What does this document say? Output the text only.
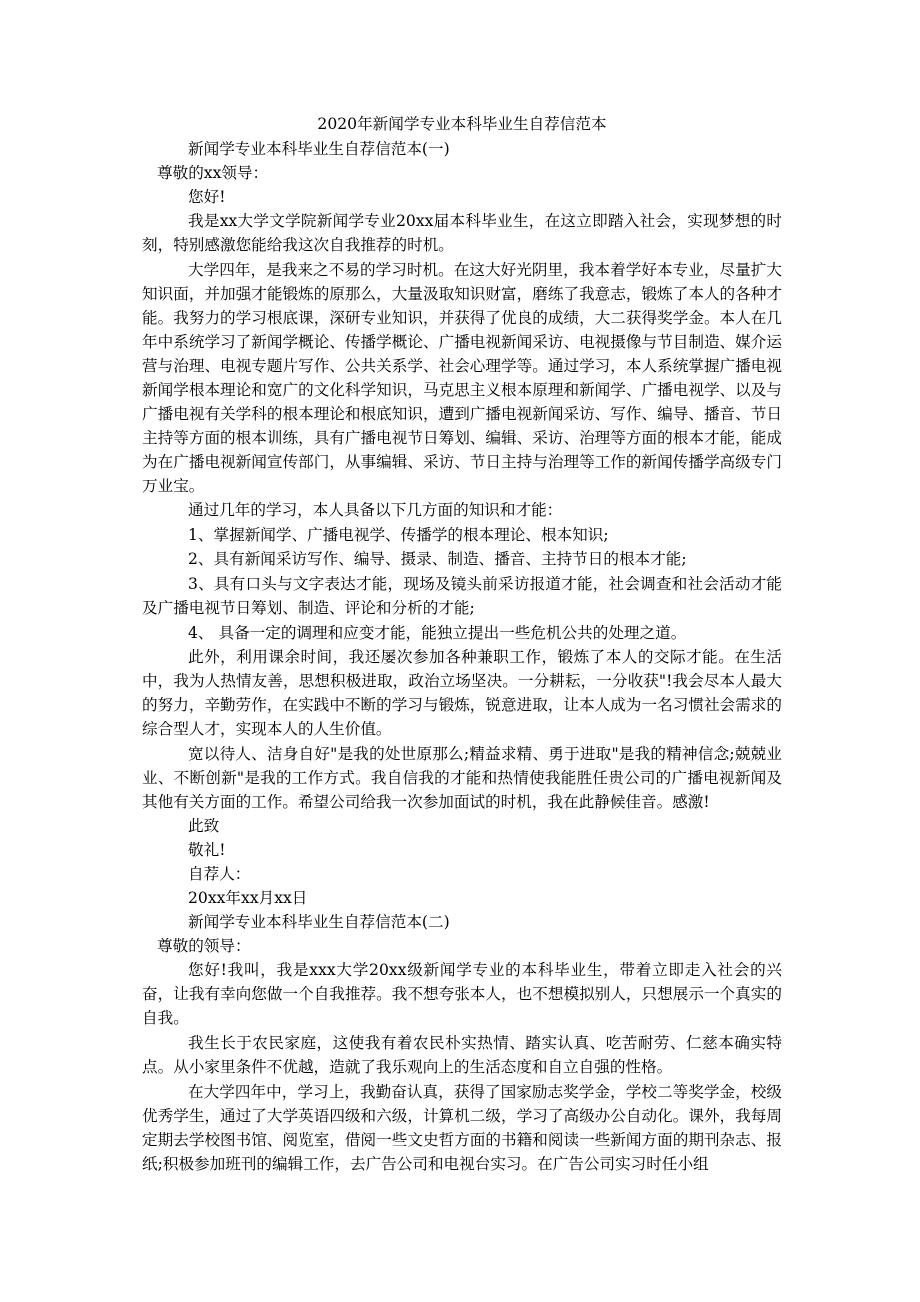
2020年新闻学专业本科毕业生自荐信范本
新闻学专业本科毕业生自荐信范本(一)
尊敬的xx领导：
您好!

我是xx大学文学院新闻学专业20xx届本科毕业生，在这立即踏入社会，实现梦想的时刻，特别感激您能给我这次自我推荐的时机。

大学四年，是我来之不易的学习时机。在这大好光阴里，我本着学好本专业，尽量扩大知识面，并加强才能锻炼的原那么，大量汲取知识财富，磨练了我意志，锻炼了本人的各种才能。我努力的学习根底课，深研专业知识，并获得了优良的成绩，大二获得奖学金。本人在几年中系统学习了新闻学概论、传播学概论、广播电视新闻采访、电视摄像与节目制造、媒介运营与治理、电视专题片写作、公共关系学、社会心理学等。通过学习，本人系统掌握广播电视新闻学根本理论和宽广的文化科学知识，马克思主义根本原理和新闻学、广播电视学、以及与广播电视有关学科的根本理论和根底知识，遭到广播电视新闻采访、写作、编导、播音、节日主持等方面的根本训练，具有广播电视节日筹划、编辑、采访、治理等方面的根本才能，能成为在广播电视新闻宣传部门，从事编辑、采访、节日主持与治理等工作的新闻传播学高级专门万业宝。

通过几年的学习，本人具备以下几方面的知识和才能：

1、掌握新闻学、广播电视学、传播学的根本理论、根本知识;

2、具有新闻采访写作、编导、摄录、制造、播音、主持节日的根本才能;

3、具有口头与文字表达才能，现场及镜头前采访报道才能，社会调查和社会活动才能及广播电视节日筹划、制造、评论和分析的才能;

4、 具备一定的调理和应变才能，能独立提出一些危机公共的处理之道。

此外，利用课余时间，我还屡次参加各种兼职工作，锻炼了本人的交际才能。在生活中，我为人热情友善，思想积极进取，政治立场坚决。一分耕耘，一分收获"!我会尽本人最大的努力，辛勤劳作，在实践中不断的学习与锻炼，锐意进取，让本人成为一名习惯社会需求的综合型人才，实现本人的人生价值。

宽以待人、洁身自好"是我的处世原那么;精益求精、勇于进取"是我的精神信念;兢兢业业、不断创新"是我的工作方式。我自信我的才能和热情使我能胜任贵公司的广播电视新闻及其他有关方面的工作。希望公司给我一次参加面试的时机，我在此静候佳音。感激!

此致
敬礼!
自荐人：
20xx年xx月xx日
新闻学专业本科毕业生自荐信范本(二)
尊敬的领导：

您好!我叫，我是xxx大学20xx级新闻学专业的本科毕业生，带着立即走入社会的兴奋，让我有幸向您做一个自我推荐。我不想夸张本人，也不想模拟别人，只想展示一个真实的自我。

我生长于农民家庭，这使我有着农民朴实热情、踏实认真、吃苦耐劳、仁慈本确实特点。从小家里条件不优越，造就了我乐观向上的生活态度和自立自强的性格。

在大学四年中，学习上，我勤奋认真，获得了国家励志奖学金，学校二等奖学金，校级优秀学生，通过了大学英语四级和六级，计算机二级，学习了高级办公自动化。课外，我每周定期去学校图书馆、阅览室，借阅一些文史哲方面的书籍和阅读一些新闻方面的期刊杂志、报纸;积极参加班刊的编辑工作，去广告公司和电视台实习。在广告公司实习时任小组
